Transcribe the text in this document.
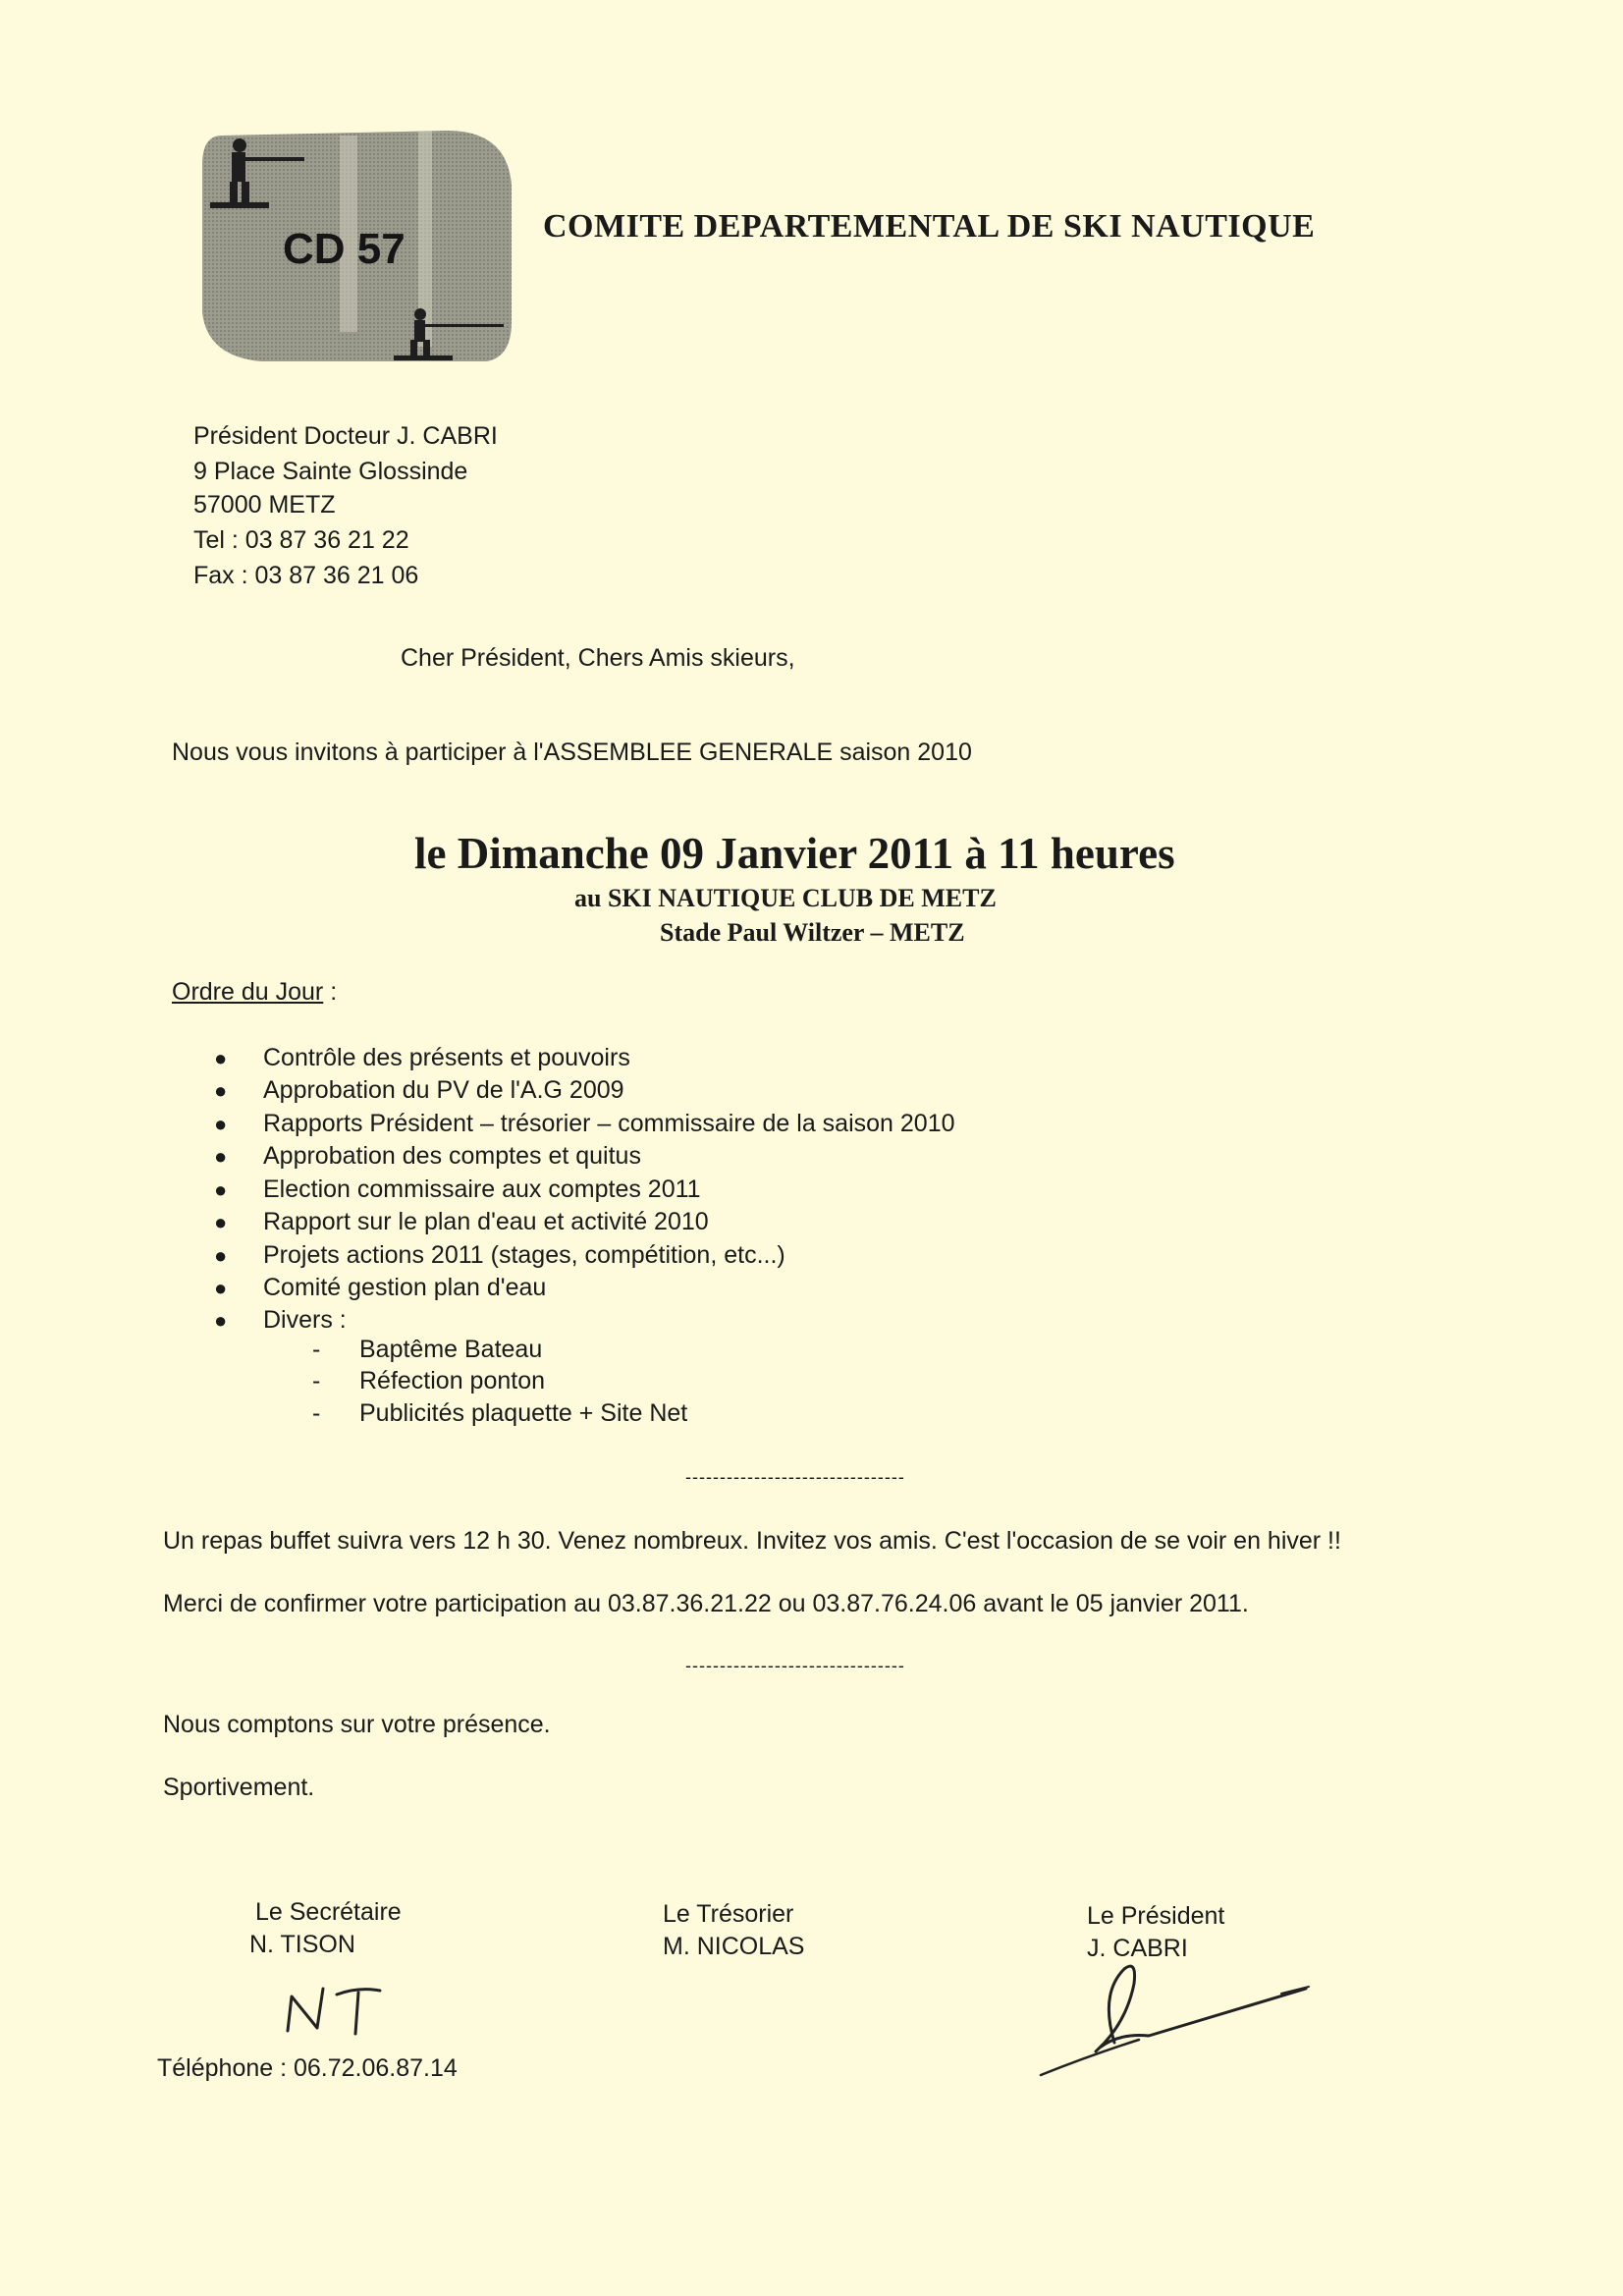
CD 57	COMITE DEPARTEMENTAL DE SKI NAUTIQUE
Président Docteur J. CABRI
9 Place Sainte Glossinde
57000 METZ
Tel : 03 87 36 21 22
Fax : 03 87 36 21 06
Cher Président, Chers Amis skieurs,
Nous vous invitons à participer à l'ASSEMBLEE GENERALE saison 2010
le Dimanche 09 Janvier 2011 à 11 heures
au SKI NAUTIQUE CLUB DE METZ
Stade Paul Wiltzer – METZ
Ordre du Jour :
● Contrôle des présents et pouvoirs
● Approbation du PV de l'A.G 2009
● Rapports Président – trésorier – commissaire de la saison 2010
● Approbation des comptes et quitus
● Election commissaire aux comptes 2011
● Rapport sur le plan d'eau et activité 2010
● Projets actions 2011 (stages, compétition, etc...)
● Comité gestion plan d'eau
● Divers :
- Baptême Bateau
- Réfection ponton
- Publicités plaquette + Site Net
--------------------------------
Un repas buffet suivra vers 12 h 30. Venez nombreux. Invitez vos amis. C'est l'occasion de se voir en hiver !!
Merci de confirmer votre participation au 03.87.36.21.22 ou 03.87.76.24.06 avant le 05 janvier 2011.
--------------------------------
Nous comptons sur votre présence.
Sportivement.
Le Secrétaire
N. TISON
Le Trésorier
M. NICOLAS
Le Président
J. CABRI
Téléphone : 06.72.06.87.14
